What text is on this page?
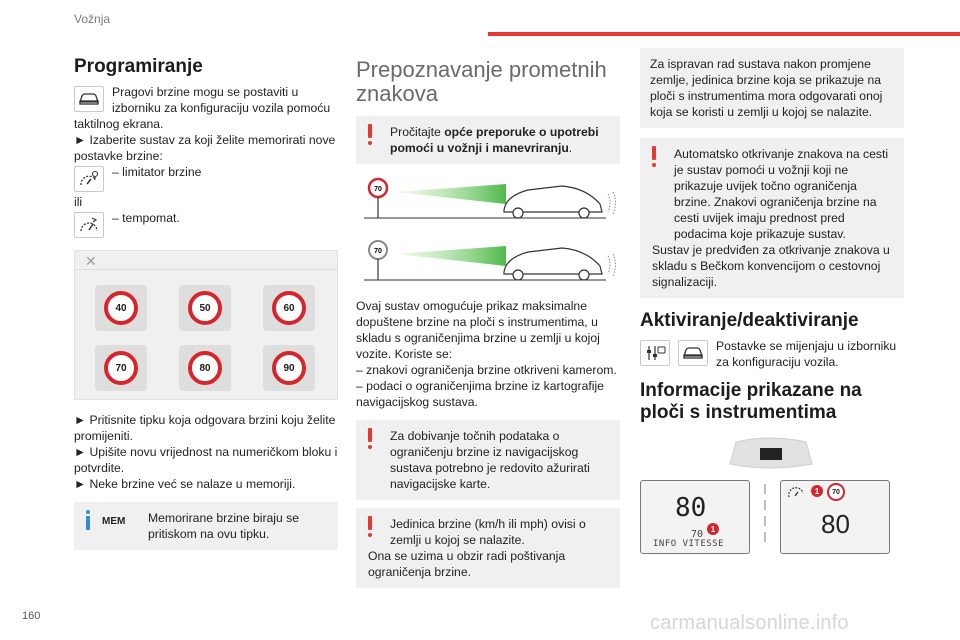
Vožnja
Programiranje
Pragovi brzine mogu se postaviti u
izborniku za konfiguraciju vozila pomoću
taktilnog ekrana.
► Izaberite sustav za koji želite memorirati nove postavke brzine:
– limitator brzine
ili
– tempomat.
✕
40	50	60
70	80	90
► Pritisnite tipku koja odgovara brzini koju želite promijeniti.
► Upišite novu vrijednost na numeričkom bloku i potvrdite.
► Neke brzine već se nalaze u memoriji.
MEM	Memorirane brzine biraju se pritiskom na ovu tipku.
Prepoznavanje prometnih znakova
Pročitajte opće preporuke o upotrebi pomoći u vožnji i manevriranju.
70
70
Ovaj sustav omogućuje prikaz maksimalne dopuštene brzine na ploči s instrumentima, u skladu s ograničenjima brzine u zemlji u kojoj vozite. Koriste se:
– znakovi ograničenja brzine otkriveni kamerom.
– podaci o ograničenjima brzine iz kartografije navigacijskog sustava.
Za dobivanje točnih podataka o ograničenju brzine iz navigacijskog sustava potrebno je redovito ažurirati navigacijske karte.
Jedinica brzine (km/h ili mph) ovisi o zemlji u kojoj se nalazite.
Ona se uzima u obzir radi poštivanja ograničenja brzine.
Za ispravan rad sustava nakon promjene zemlje, jedinica brzine koja se prikazuje na ploči s instrumentima mora odgovarati onoj koja se koristi u zemlji u kojoj se nalazite.
Automatsko otkrivanje znakova na cesti je sustav pomoći u vožnji koji ne prikazuje uvijek točno ograničenja brzine. Znakovi ograničenja brzine na cesti uvijek imaju prednost pred podacima koje prikazuje sustav.
Sustav je predviđen za otkrivanje znakova u skladu s Bečkom konvencijom o cestovnoj signalizaciji.
Aktiviranje/deaktiviranje
Postavke se mijenjaju u izborniku za konfiguraciju vozila.
Informacije prikazane na ploči s instrumentima
80
70 1
INFO VITESSE
1	70
80
160	carmanualsonline.info
